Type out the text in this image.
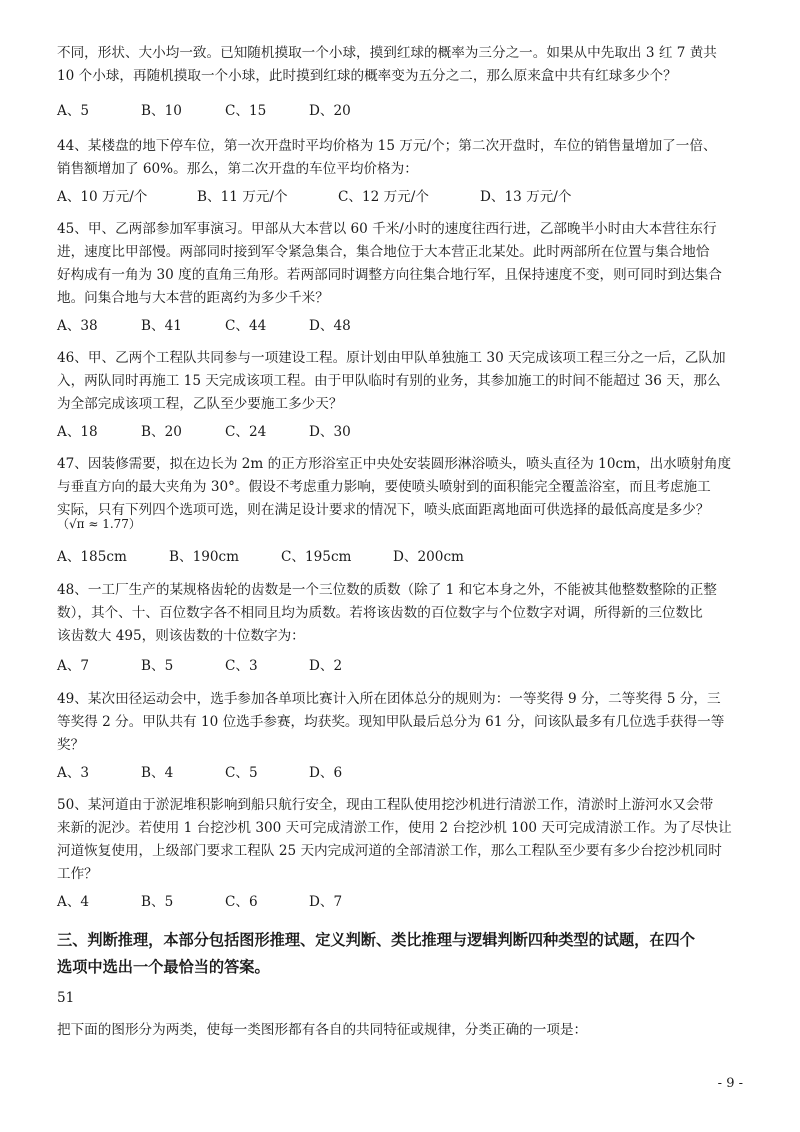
不同，形状、大小均一致。已知随机摸取一个小球，摸到红球的概率为三分之一。如果从中先取出 3 红 7 黄共

10 个小球，再随机摸取一个小球，此时摸到红球的概率变为五分之二，那么原来盒中共有红球多少个？

A、5	B、10	C、15	D、20

44、某楼盘的地下停车位，第一次开盘时平均价格为 15 万元/个；第二次开盘时，车位的销售量增加了一倍、

销售额增加了 60%。那么，第二次开盘的车位平均价格为：

A、10 万元/个	B、11 万元/个	C、12 万元/个	D、13 万元/个

45、甲、乙两部参加军事演习。甲部从大本营以 60 千米/小时的速度往西行进，乙部晚半小时由大本营往东行

进，速度比甲部慢。两部同时接到军令紧急集合，集合地位于大本营正北某处。此时两部所在位置与集合地恰

好构成有一角为 30 度的直角三角形。若两部同时调整方向往集合地行军，且保持速度不变，则可同时到达集合

地。问集合地与大本营的距离约为多少千米？

A、38	B、41	C、44	D、48

46、甲、乙两个工程队共同参与一项建设工程。原计划由甲队单独施工 30 天完成该项工程三分之一后，乙队加

入，两队同时再施工 15 天完成该项工程。由于甲队临时有别的业务，其参加施工的时间不能超过 36 天，那么

为全部完成该项工程，乙队至少要施工多少天？

A、18	B、20	C、24	D、30

47、因装修需要，拟在边长为 2m 的正方形浴室正中央处安装圆形淋浴喷头，喷头直径为 10cm，出水喷射角度

与垂直方向的最大夹角为 30°。假设不考虑重力影响，要使喷头喷射到的面积能完全覆盖浴室，而且考虑施工

实际，只有下列四个选项可选，则在满足设计要求的情况下，喷头底面距离地面可供选择的最低高度是多少？

（√π ≈ 1.77）

A、185cm	B、190cm	C、195cm	D、200cm

48、一工厂生产的某规格齿轮的齿数是一个三位数的质数（除了 1 和它本身之外，不能被其他整数整除的正整

数），其个、十、百位数字各不相同且均为质数。若将该齿数的百位数字与个位数字对调，所得新的三位数比

该齿数大 495，则该齿数的十位数字为：

A、7	B、5	C、3	D、2

49、某次田径运动会中，选手参加各单项比赛计入所在团体总分的规则为：一等奖得 9 分，二等奖得 5 分，三

等奖得 2 分。甲队共有 10 位选手参赛，均获奖。现知甲队最后总分为 61 分，问该队最多有几位选手获得一等

奖？

A、3	B、4	C、5	D、6

50、某河道由于淤泥堆积影响到船只航行安全，现由工程队使用挖沙机进行清淤工作，清淤时上游河水又会带

来新的泥沙。若使用 1 台挖沙机 300 天可完成清淤工作，使用 2 台挖沙机 100 天可完成清淤工作。为了尽快让

河道恢复使用，上级部门要求工程队 25 天内完成河道的全部清淤工作，那么工程队至少要有多少台挖沙机同时

工作？

A、4	B、5	C、6	D、7

三、判断推理，本部分包括图形推理、定义判断、类比推理与逻辑判断四种类型的试题，在四个

选项中选出一个最恰当的答案。

51

把下面的图形分为两类，使每一类图形都有各自的共同特征或规律，分类正确的一项是：

- 9 -
